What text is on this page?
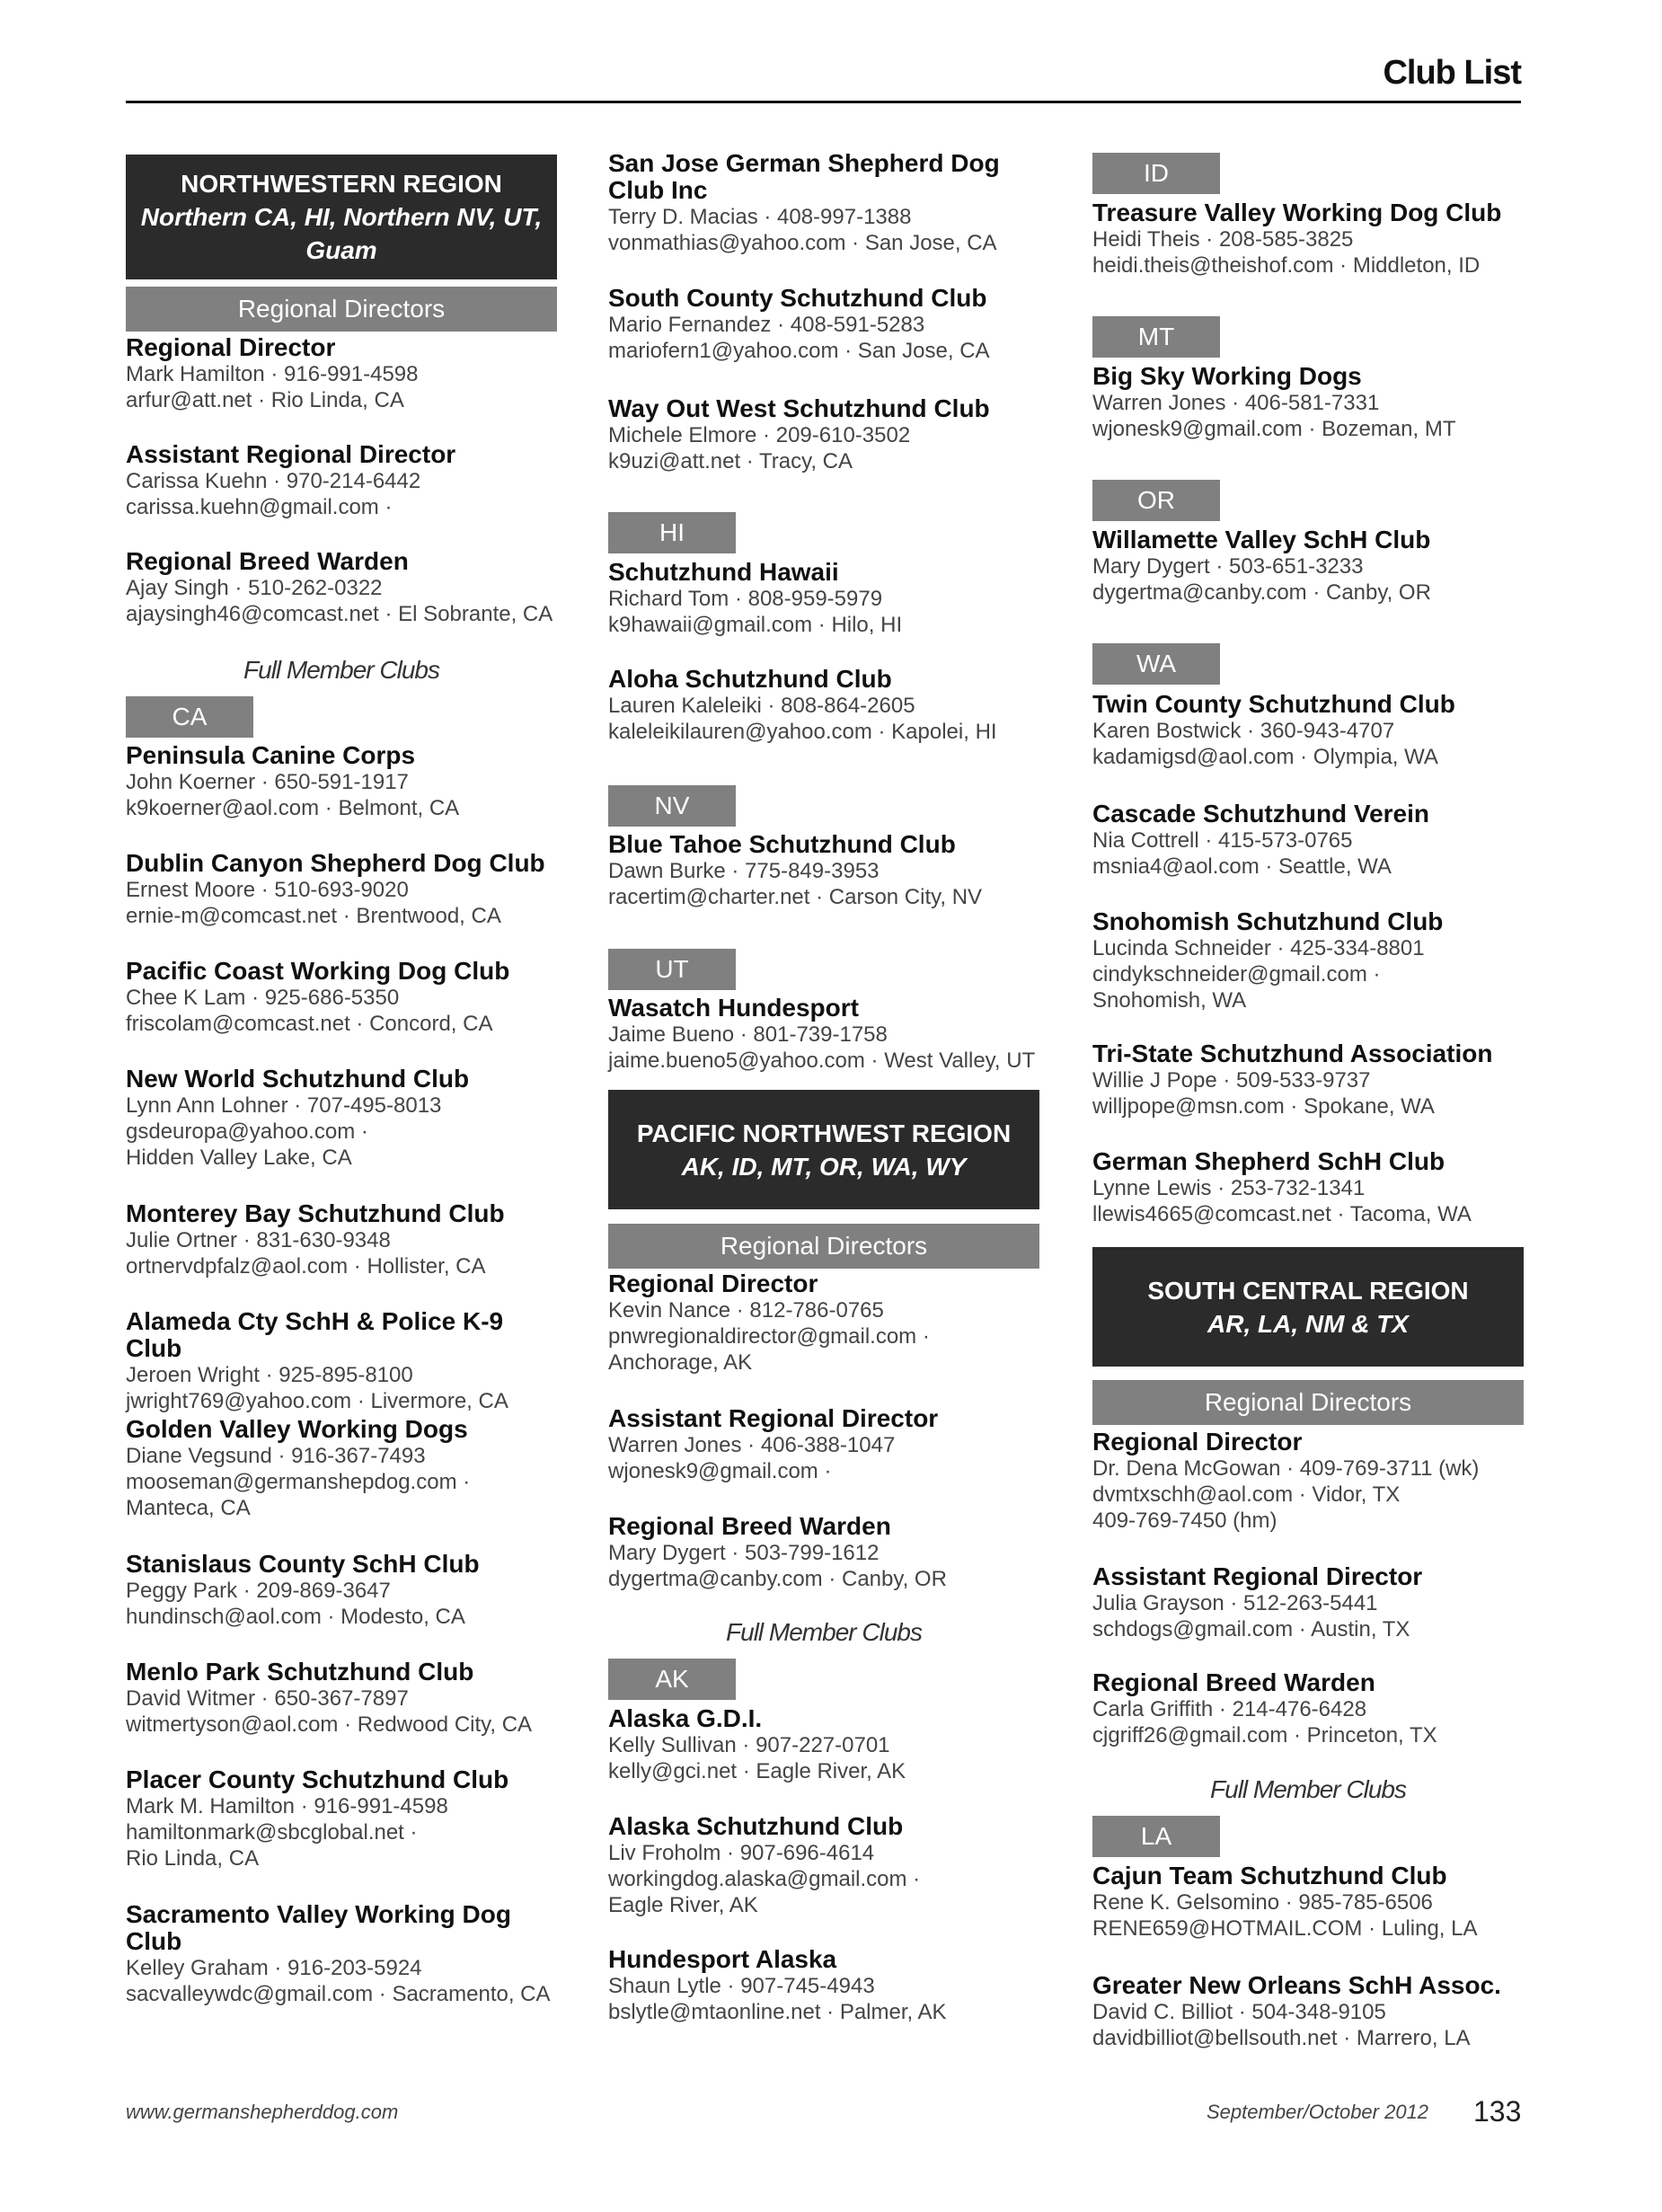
Club List
NORTHWESTERN REGION
Northern CA, HI, Northern NV, UT, Guam
Regional Directors
Regional Director
Mark Hamilton · 916-991-4598
arfur@att.net · Rio Linda, CA
Assistant Regional Director
Carissa Kuehn · 970-214-6442
carissa.kuehn@gmail.com ·
Regional Breed Warden
Ajay Singh · 510-262-0322
ajaysingh46@comcast.net · El Sobrante, CA
Full Member Clubs
CA
Peninsula Canine Corps
John Koerner · 650-591-1917
k9koerner@aol.com · Belmont, CA
Dublin Canyon Shepherd Dog Club
Ernest Moore · 510-693-9020
ernie-m@comcast.net · Brentwood, CA
Pacific Coast Working Dog Club
Chee K Lam · 925-686-5350
friscolam@comcast.net · Concord, CA
New World Schutzhund Club
Lynn Ann Lohner · 707-495-8013
gsdeuropa@yahoo.com ·
Hidden Valley Lake, CA
Monterey Bay Schutzhund Club
Julie Ortner · 831-630-9348
ortnervdpfalz@aol.com · Hollister, CA
Alameda Cty SchH & Police K-9 Club
Jeroen Wright · 925-895-8100
jwright769@yahoo.com · Livermore, CA
Golden Valley Working Dogs
Diane Vegsund · 916-367-7493
mooseman@germanshepdog.com ·
Manteca, CA
Stanislaus County SchH Club
Peggy Park · 209-869-3647
hundinsch@aol.com · Modesto, CA
Menlo Park Schutzhund Club
David Witmer · 650-367-7897
witmertyson@aol.com · Redwood City, CA
Placer County Schutzhund Club
Mark M. Hamilton · 916-991-4598
hamiltonmark@sbcglobal.net ·
Rio Linda, CA
Sacramento Valley Working Dog Club
Kelley Graham · 916-203-5924
sacvalleywdc@gmail.com · Sacramento, CA
San Jose German Shepherd Dog
Club Inc
Terry D. Macias · 408-997-1388
vonmathias@yahoo.com · San Jose, CA
South County Schutzhund Club
Mario Fernandez · 408-591-5283
mariofern1@yahoo.com · San Jose, CA
Way Out West Schutzhund Club
Michele Elmore · 209-610-3502
k9uzi@att.net · Tracy, CA
HI
Schutzhund Hawaii
Richard Tom · 808-959-5979
k9hawaii@gmail.com · Hilo, HI
Aloha Schutzhund Club
Lauren Kaleleiki · 808-864-2605
kaleleikilauren@yahoo.com · Kapolei, HI
NV
Blue Tahoe Schutzhund Club
Dawn Burke · 775-849-3953
racertim@charter.net · Carson City, NV
UT
Wasatch Hundesport
Jaime Bueno · 801-739-1758
jaime.bueno5@yahoo.com · West Valley, UT
PACIFIC NORTHWEST REGION
AK, ID, MT, OR, WA, WY
Regional Directors
Regional Director
Kevin Nance · 812-786-0765
pnwregionaldirector@gmail.com ·
Anchorage, AK
Assistant Regional Director
Warren Jones · 406-388-1047
wjonesk9@gmail.com ·
Regional Breed Warden
Mary Dygert · 503-799-1612
dygertma@canby.com · Canby, OR
Full Member Clubs
AK
Alaska G.D.I.
Kelly Sullivan · 907-227-0701
kelly@gci.net · Eagle River, AK
Alaska Schutzhund Club
Liv Froholm · 907-696-4614
workingdog.alaska@gmail.com ·
Eagle River, AK
Hundesport Alaska
Shaun Lytle · 907-745-4943
bslytle@mtaonline.net · Palmer, AK
ID
Treasure Valley Working Dog Club
Heidi Theis · 208-585-3825
heidi.theis@theishof.com · Middleton, ID
MT
Big Sky Working Dogs
Warren Jones · 406-581-7331
wjonesk9@gmail.com · Bozeman, MT
OR
Willamette Valley SchH Club
Mary Dygert · 503-651-3233
dygertma@canby.com · Canby, OR
WA
Twin County Schutzhund Club
Karen Bostwick · 360-943-4707
kadamigsd@aol.com · Olympia, WA
Cascade Schutzhund Verein
Nia Cottrell · 415-573-0765
msnia4@aol.com · Seattle, WA
Snohomish Schutzhund Club
Lucinda Schneider · 425-334-8801
cindykschneider@gmail.com ·
Snohomish, WA
Tri-State Schutzhund Association
Willie J Pope · 509-533-9737
willjpope@msn.com · Spokane, WA
German Shepherd SchH Club
Lynne Lewis · 253-732-1341
llewis4665@comcast.net · Tacoma, WA
SOUTH CENTRAL REGION
AR, LA, NM & TX
Regional Directors
Regional Director
Dr. Dena McGowan · 409-769-3711 (wk)
dvmtxschh@aol.com · Vidor, TX
409-769-7450 (hm)
Assistant Regional Director
Julia Grayson · 512-263-5441
schdogs@gmail.com · Austin, TX
Regional Breed Warden
Carla Griffith · 214-476-6428
cjgriff26@gmail.com · Princeton, TX
Full Member Clubs
LA
Cajun Team Schutzhund Club
Rene K. Gelsomino · 985-785-6506
RENE659@HOTMAIL.COM · Luling, LA
Greater New Orleans SchH Assoc.
David C. Billiot · 504-348-9105
davidbilliot@bellsouth.net · Marrero, LA
www.germanshepherddog.com	September/October 2012 133
